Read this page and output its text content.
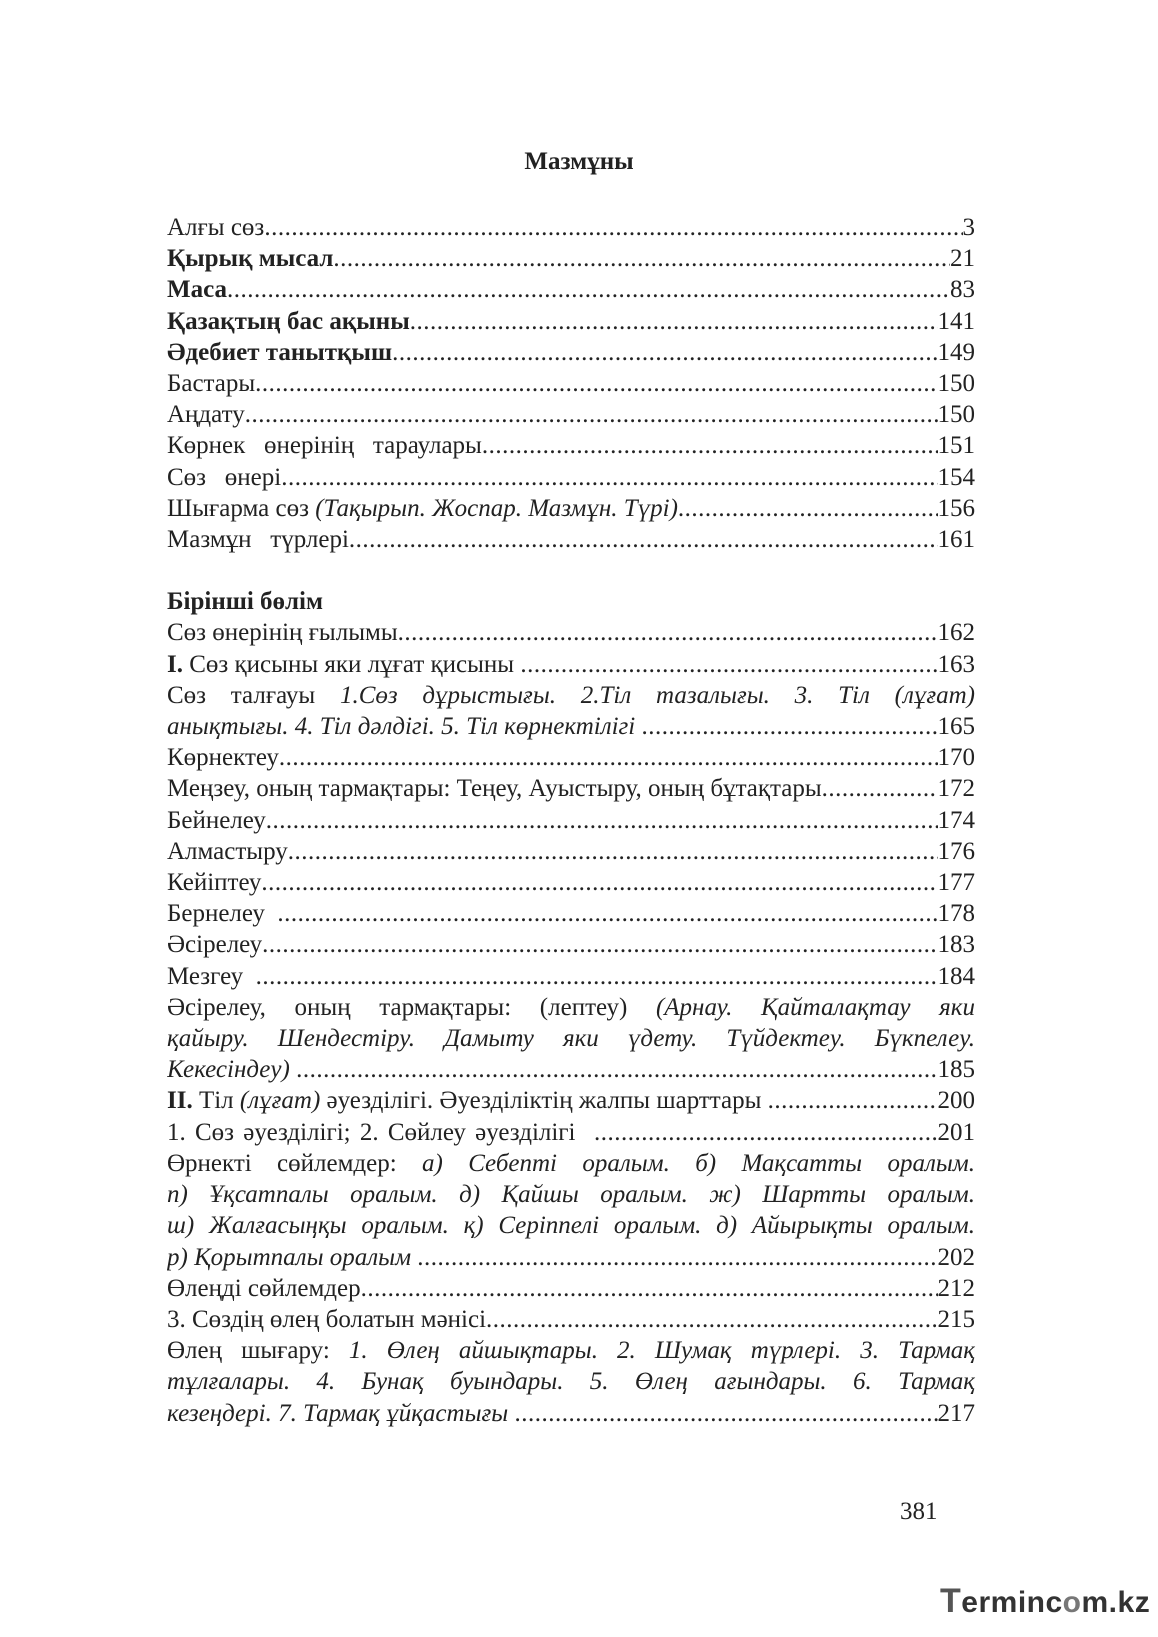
Мазмұны
Алғы сөз .....	3
Қырық мысал .....	21
Маса .....	83
Қазақтың бас ақыны .....	141
Әдебиет танытқыш .....	149
Бастары .....	150
Аңдату .....	150
Көрнек   өнерінің   тараулары .....	151
Сөз   өнері .....	154
Шығарма сөз (Тақырып. Жоспар. Мазмұн. Түрі) .....	156
Мазмұн   түрлері .....	161
Бірінші бөлім
Сөз өнерінің ғылымы .....	162
І. Сөз қисыны яки лұғат қисыны .....	163
Сөз талғауы 1.Сөз дұрыстығы. 2.Тіл тазалығы. 3. Тіл (лұғат)
анықтығы. 4. Тіл дәлдігі. 5. Тіл көрнектілігі .....	165
Көрнектеу .....	170
Меңзеу, оның тармақтары: Теңеу, Ауыстыру, оның бұтақтары .....	172
Бейнелеу .....	174
Алмастыру .....	176
Кейіптеу .....	177
Бернелеу .....	178
Әсірелеу .....	183
Мезгеу .....	184
Әсірелеу, оның тармақтары: (лептеу) (Арнау. Қайталақтау яки
қайыру. Шендестіру. Дамыту яки үдету. Түйдектеу. Бүкпелеу.
Кекесіндеу)
.....	185
ІІ. Тіл (лұғат) әуезділігі. Әуезділіктің жалпы шарттары .....	200
1. Сөз әуезділігі; 2. Сөйлеу әуезділігі .....	201
Өрнекті сөйлемдер: а) Себепті оралым. б) Мақсатты оралым.
п) Ұқсатпалы оралым. д) Қайшы оралым. ж) Шартты оралым.
ш) Жалғасыңқы оралым. қ) Серіппелі оралым. д) Айырықты оралым.
р) Қорытпалы оралым .....	202
Өлеңді сөйлемдер .....	212
3. Сөздің өлең болатын мәнісі .....	215
Өлең шығару: 1. Өлең айшықтары. 2. Шумақ түрлері. 3. Тармақ
тұлғалары. 4. Бунақ буындары. 5. Өлең ағындары. 6. Тармақ
кезеңдері. 7. Тармақ ұйқастығы .....	217
381
Termincom.kz
